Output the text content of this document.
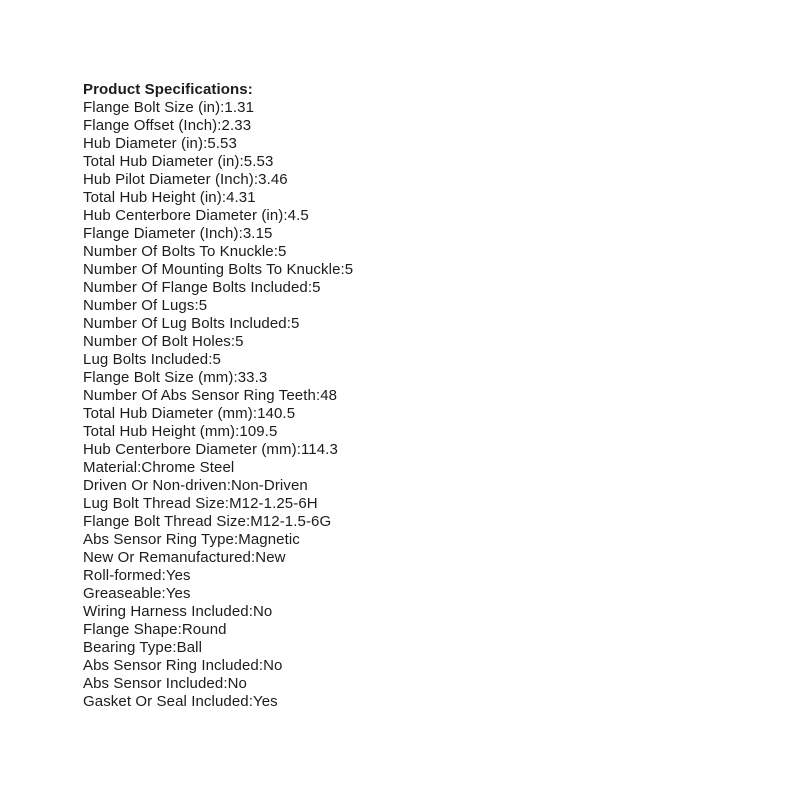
Product Specifications:
Flange Bolt Size (in):1.31
Flange Offset (Inch):2.33
Hub Diameter (in):5.53
Total Hub Diameter (in):5.53
Hub Pilot Diameter (Inch):3.46
Total Hub Height (in):4.31
Hub Centerbore Diameter (in):4.5
Flange Diameter (Inch):3.15
Number Of Bolts To Knuckle:5
Number Of Mounting Bolts To Knuckle:5
Number Of Flange Bolts Included:5
Number Of Lugs:5
Number Of Lug Bolts Included:5
Number Of Bolt Holes:5
Lug Bolts Included:5
Flange Bolt Size (mm):33.3
Number Of Abs Sensor Ring Teeth:48
Total Hub Diameter (mm):140.5
Total Hub Height (mm):109.5
Hub Centerbore Diameter (mm):114.3
Material:Chrome Steel
Driven Or Non-driven:Non-Driven
Lug Bolt Thread Size:M12-1.25-6H
Flange Bolt Thread Size:M12-1.5-6G
Abs Sensor Ring Type:Magnetic
New Or Remanufactured:New
Roll-formed:Yes
Greaseable:Yes
Wiring Harness Included:No
Flange Shape:Round
Bearing Type:Ball
Abs Sensor Ring Included:No
Abs Sensor Included:No
Gasket Or Seal Included:Yes
